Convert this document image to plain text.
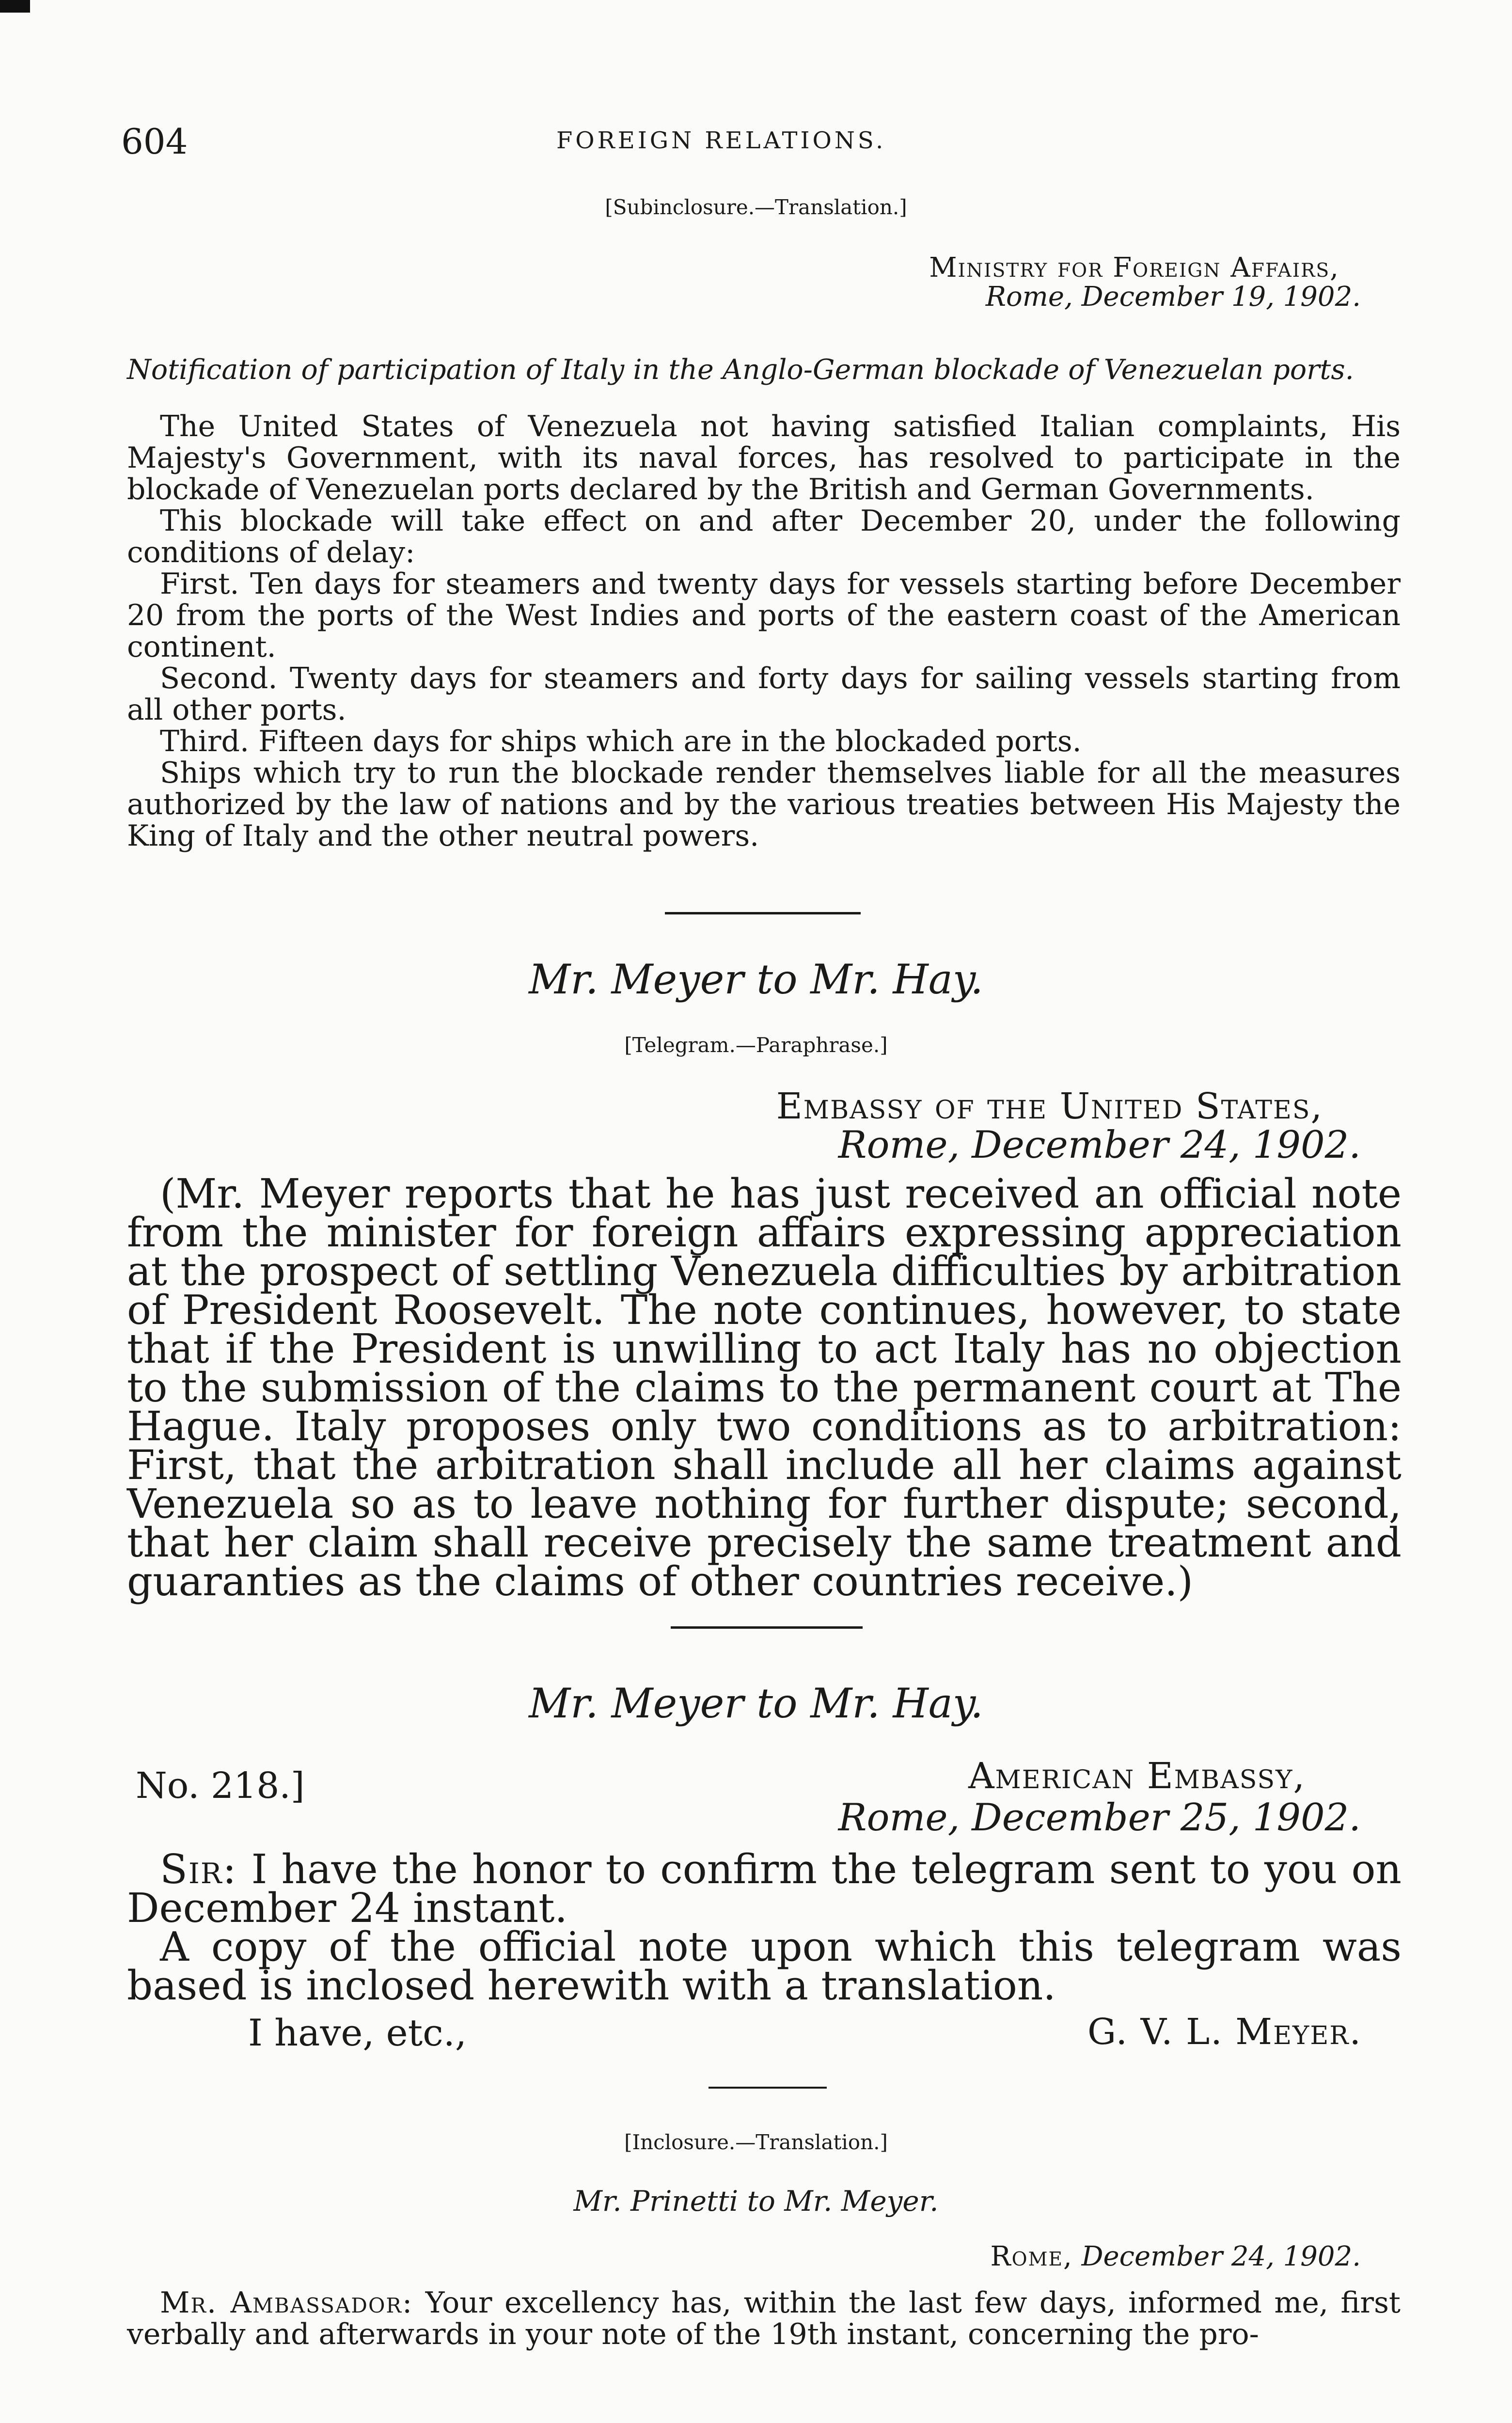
604	FOREIGN RELATIONS.
[Subinclosure.—Translation.]
Ministry for Foreign Affairs,
Rome, December 19, 1902.
Notification of participation of Italy in the Anglo-German blockade of Venezuelan ports.

The United States of Venezuela not having satisfied Italian complaints, His Majesty's Government, with its naval forces, has resolved to participate in the blockade of Venezuelan ports declared by the British and German Governments.

This blockade will take effect on and after December 20, under the following conditions of delay:

First. Ten days for steamers and twenty days for vessels starting before December 20 from the ports of the West Indies and ports of the eastern coast of the American continent.

Second. Twenty days for steamers and forty days for sailing vessels starting from all other ports.

Third. Fifteen days for ships which are in the blockaded ports.

Ships which try to run the blockade render themselves liable for all the measures authorized by the law of nations and by the various treaties between His Majesty the King of Italy and the other neutral powers.

Mr. Meyer to Mr. Hay.
[Telegram.—Paraphrase.]
Embassy of the United States,
Rome, December 24, 1902.

(Mr. Meyer reports that he has just received an official note from the minister for foreign affairs expressing appreciation at the prospect of settling Venezuela difficulties by arbitration of President Roosevelt. The note continues, however, to state that if the President is unwilling to act Italy has no objection to the submission of the claims to the permanent court at The Hague. Italy proposes only two conditions as to arbitration: First, that the arbitration shall include all her claims against Venezuela so as to leave nothing for further dispute; second, that her claim shall receive precisely the same treatment and guaranties as the claims of other countries receive.)

Mr. Meyer to Mr. Hay.
No. 218.]	American Embassy,
Rome, December 25, 1902.

Sir: I have the honor to confirm the telegram sent to you on December 24 instant.

A copy of the official note upon which this telegram was based is inclosed herewith with a translation.

I have, etc.,	G. V. L. Meyer.
[Inclosure.—Translation.]
Mr. Prinetti to Mr. Meyer.
Rome, December 24, 1902.

Mr. Ambassador: Your excellency has, within the last few days, informed me, first verbally and afterwards in your note of the 19th instant, concerning the pro-
